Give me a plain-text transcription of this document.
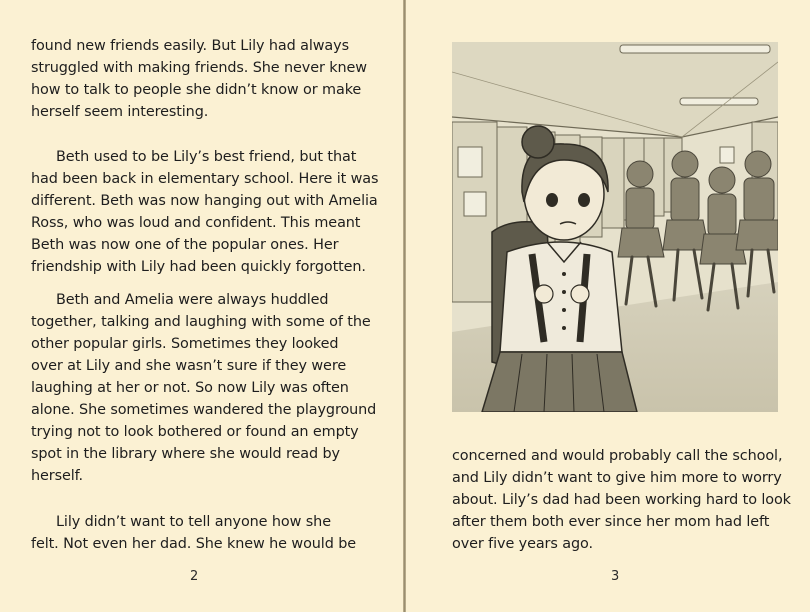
found new friends easily. But Lily had always
struggled with making friends. She never knew
how to talk to people she didn’t know or make
herself seem interesting.
Beth used to be Lily’s best friend, but that
had been back in elementary school. Here it was
different. Beth was now hanging out with Amelia
Ross, who was loud and confident. This meant
Beth was now one of the popular ones. Her
friendship with Lily had been quickly forgotten.
Beth and Amelia were always huddled
together, talking and laughing with some of the
other popular girls. Sometimes they looked
over at Lily and she wasn’t sure if they were
laughing at her or not. So now Lily was often
alone. She sometimes wandered the playground
trying not to look bothered or found an empty
spot in the library where she would read by
herself.
Lily didn’t want to tell anyone how she
felt. Not even her dad. She knew he would be
2
concerned and would probably call the school,
and Lily didn’t want to give him more to worry
about. Lily’s dad had been working hard to look
after them both ever since her mom had left
over five years ago.
3
